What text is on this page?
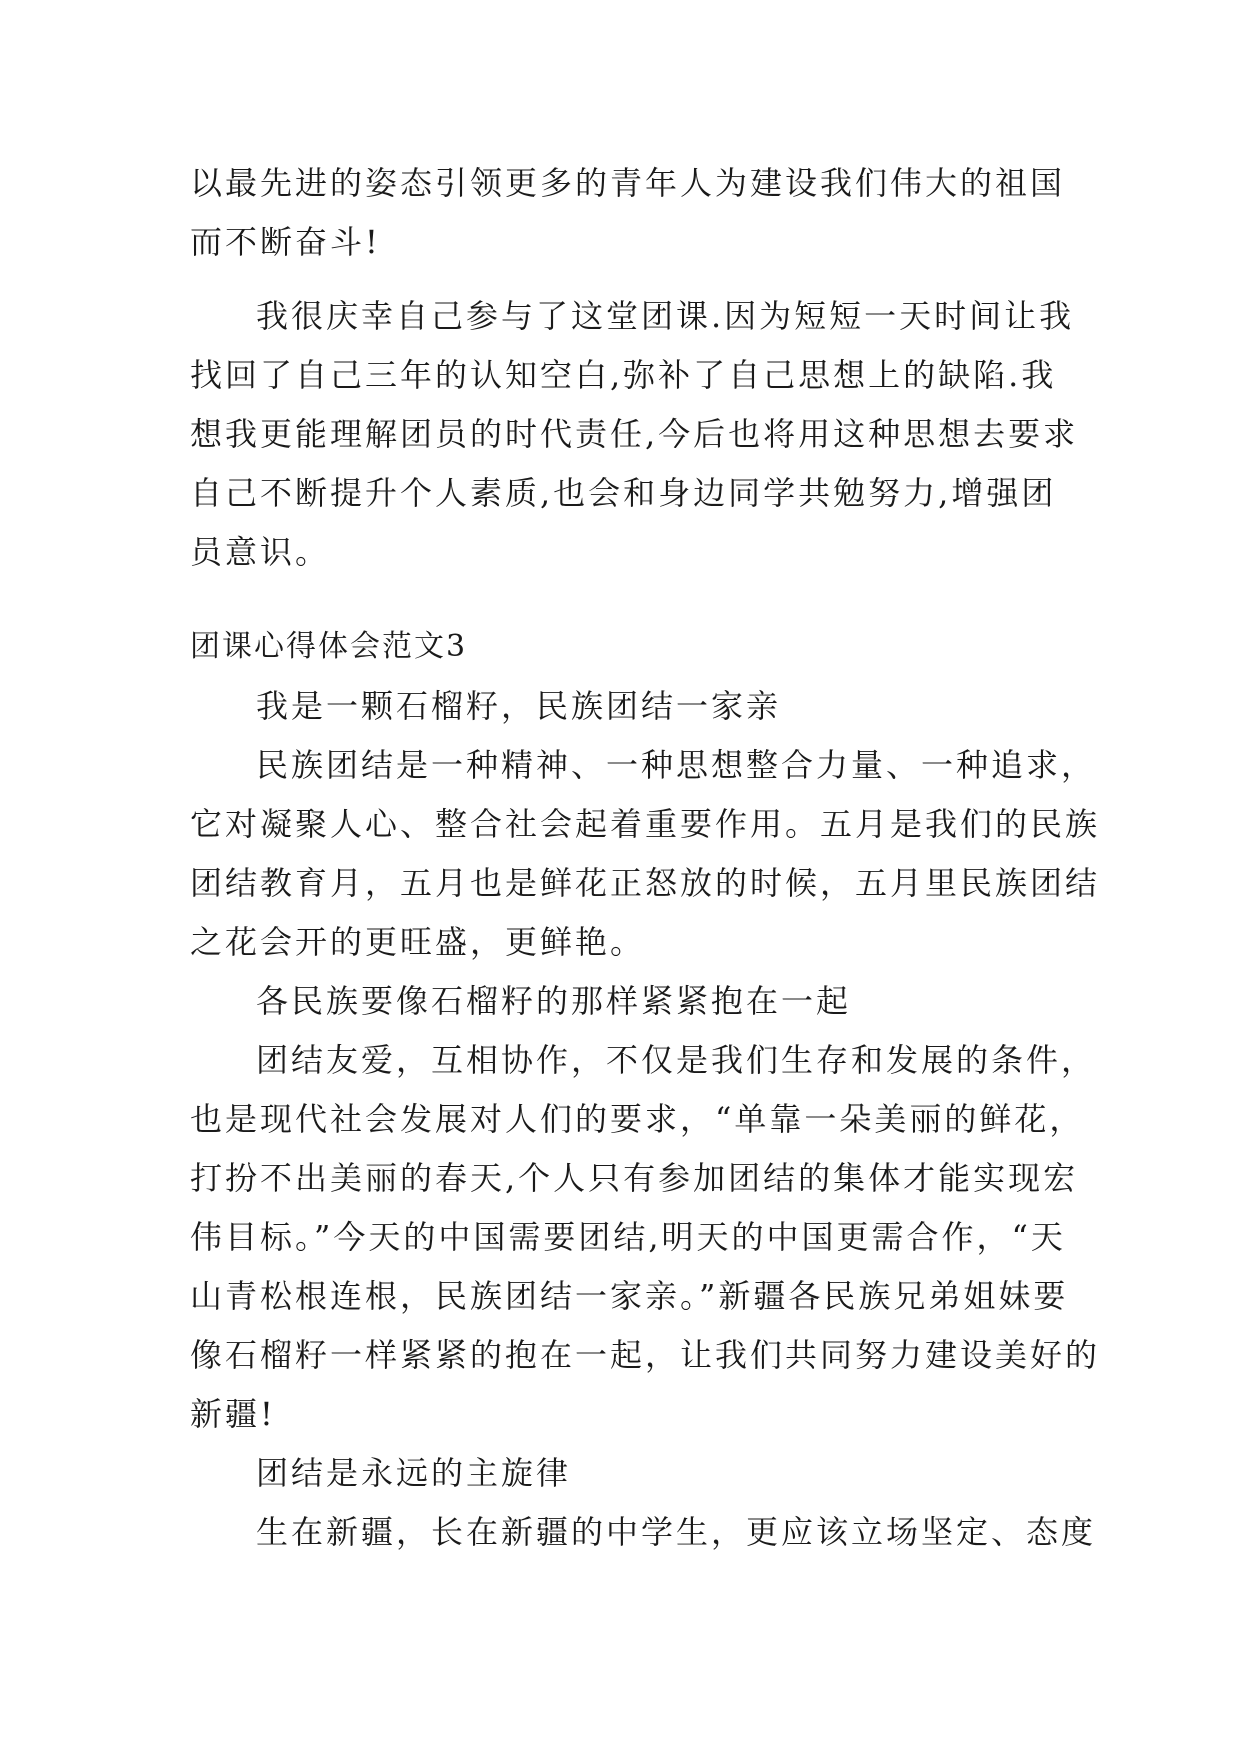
以最先进的姿态引领更多的青年人为建设我们伟大的祖国
而不断奋斗!
我很庆幸自己参与了这堂团课.因为短短一天时间让我
找回了自己三年的认知空白,弥补了自己思想上的缺陷.我
想我更能理解团员的时代责任,今后也将用这种思想去要求
自己不断提升个人素质,也会和身边同学共勉努力,增强团
员意识。
团课心得体会范文3
我是一颗石榴籽，民族团结一家亲
民族团结是一种精神、一种思想整合力量、一种追求，
它对凝聚人心、整合社会起着重要作用。五月是我们的民族
团结教育月，五月也是鲜花正怒放的时候，五月里民族团结
之花会开的更旺盛，更鲜艳。
各民族要像石榴籽的那样紧紧抱在一起
团结友爱，互相协作，不仅是我们生存和发展的条件，
也是现代社会发展对人们的要求，“单靠一朵美丽的鲜花，
打扮不出美丽的春天,个人只有参加团结的集体才能实现宏
伟目标。”今天的中国需要团结,明天的中国更需合作，“天
山青松根连根，民族团结一家亲。”新疆各民族兄弟姐妹要
像石榴籽一样紧紧的抱在一起，让我们共同努力建设美好的
新疆!
团结是永远的主旋律
生在新疆，长在新疆的中学生，更应该立场坚定、态度
